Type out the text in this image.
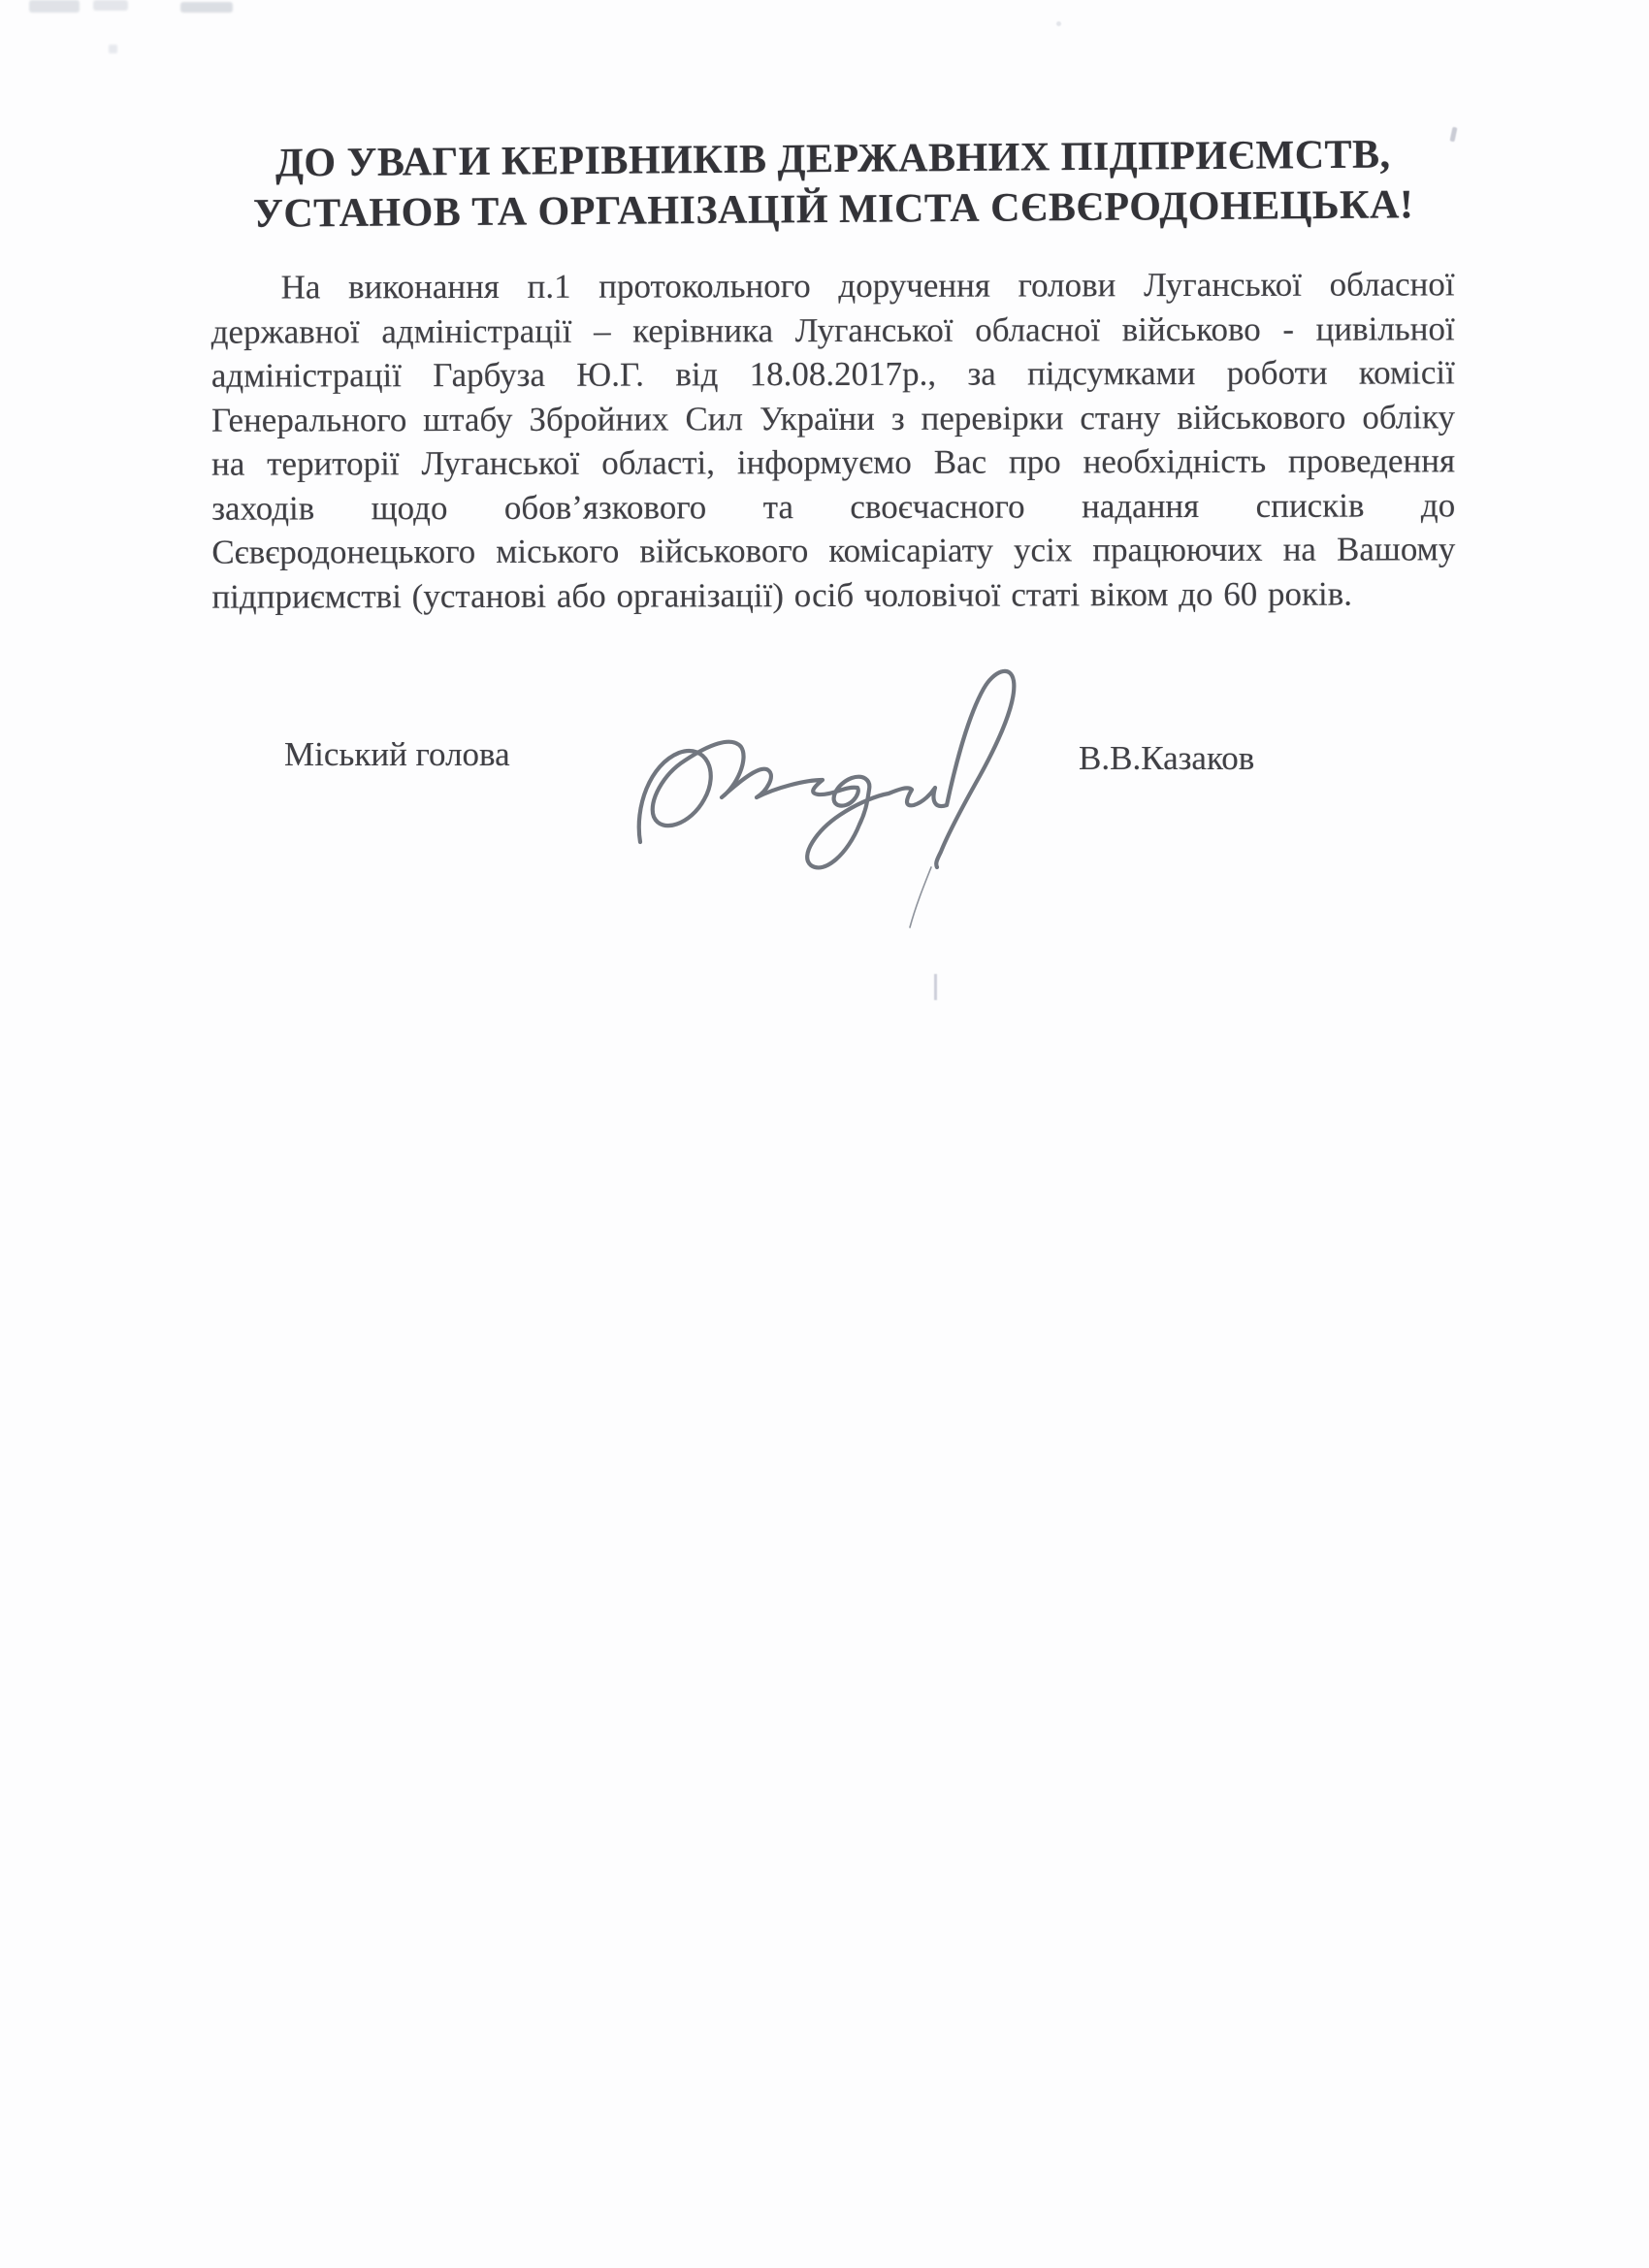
ДО УВАГИ КЕРІВНИКІВ ДЕРЖАВНИХ ПІДПРИЄМСТВ,
УСТАНОВ ТА ОРГАНІЗАЦІЙ МІСТА СЄВЄРОДОНЕЦЬКА!
На виконання п.1 протокольного доручення голови Луганської обласної
державної адміністрації – керівника Луганської обласної військово - цивільної
адміністрації Гарбуза Ю.Г. від 18.08.2017р., за підсумками роботи комісії
Генерального штабу Збройних Сил України з перевірки стану військового обліку
на території Луганської області, інформуємо Вас про необхідність проведення
заходів щодо обов’язкового та своєчасного надання списків до
Сєвєродонецького міського військового комісаріату усіх працюючих на Вашому
підприємстві (установі або організації) осіб чоловічої статі віком до 60 років.
Міський голова	В.В.Казаков
